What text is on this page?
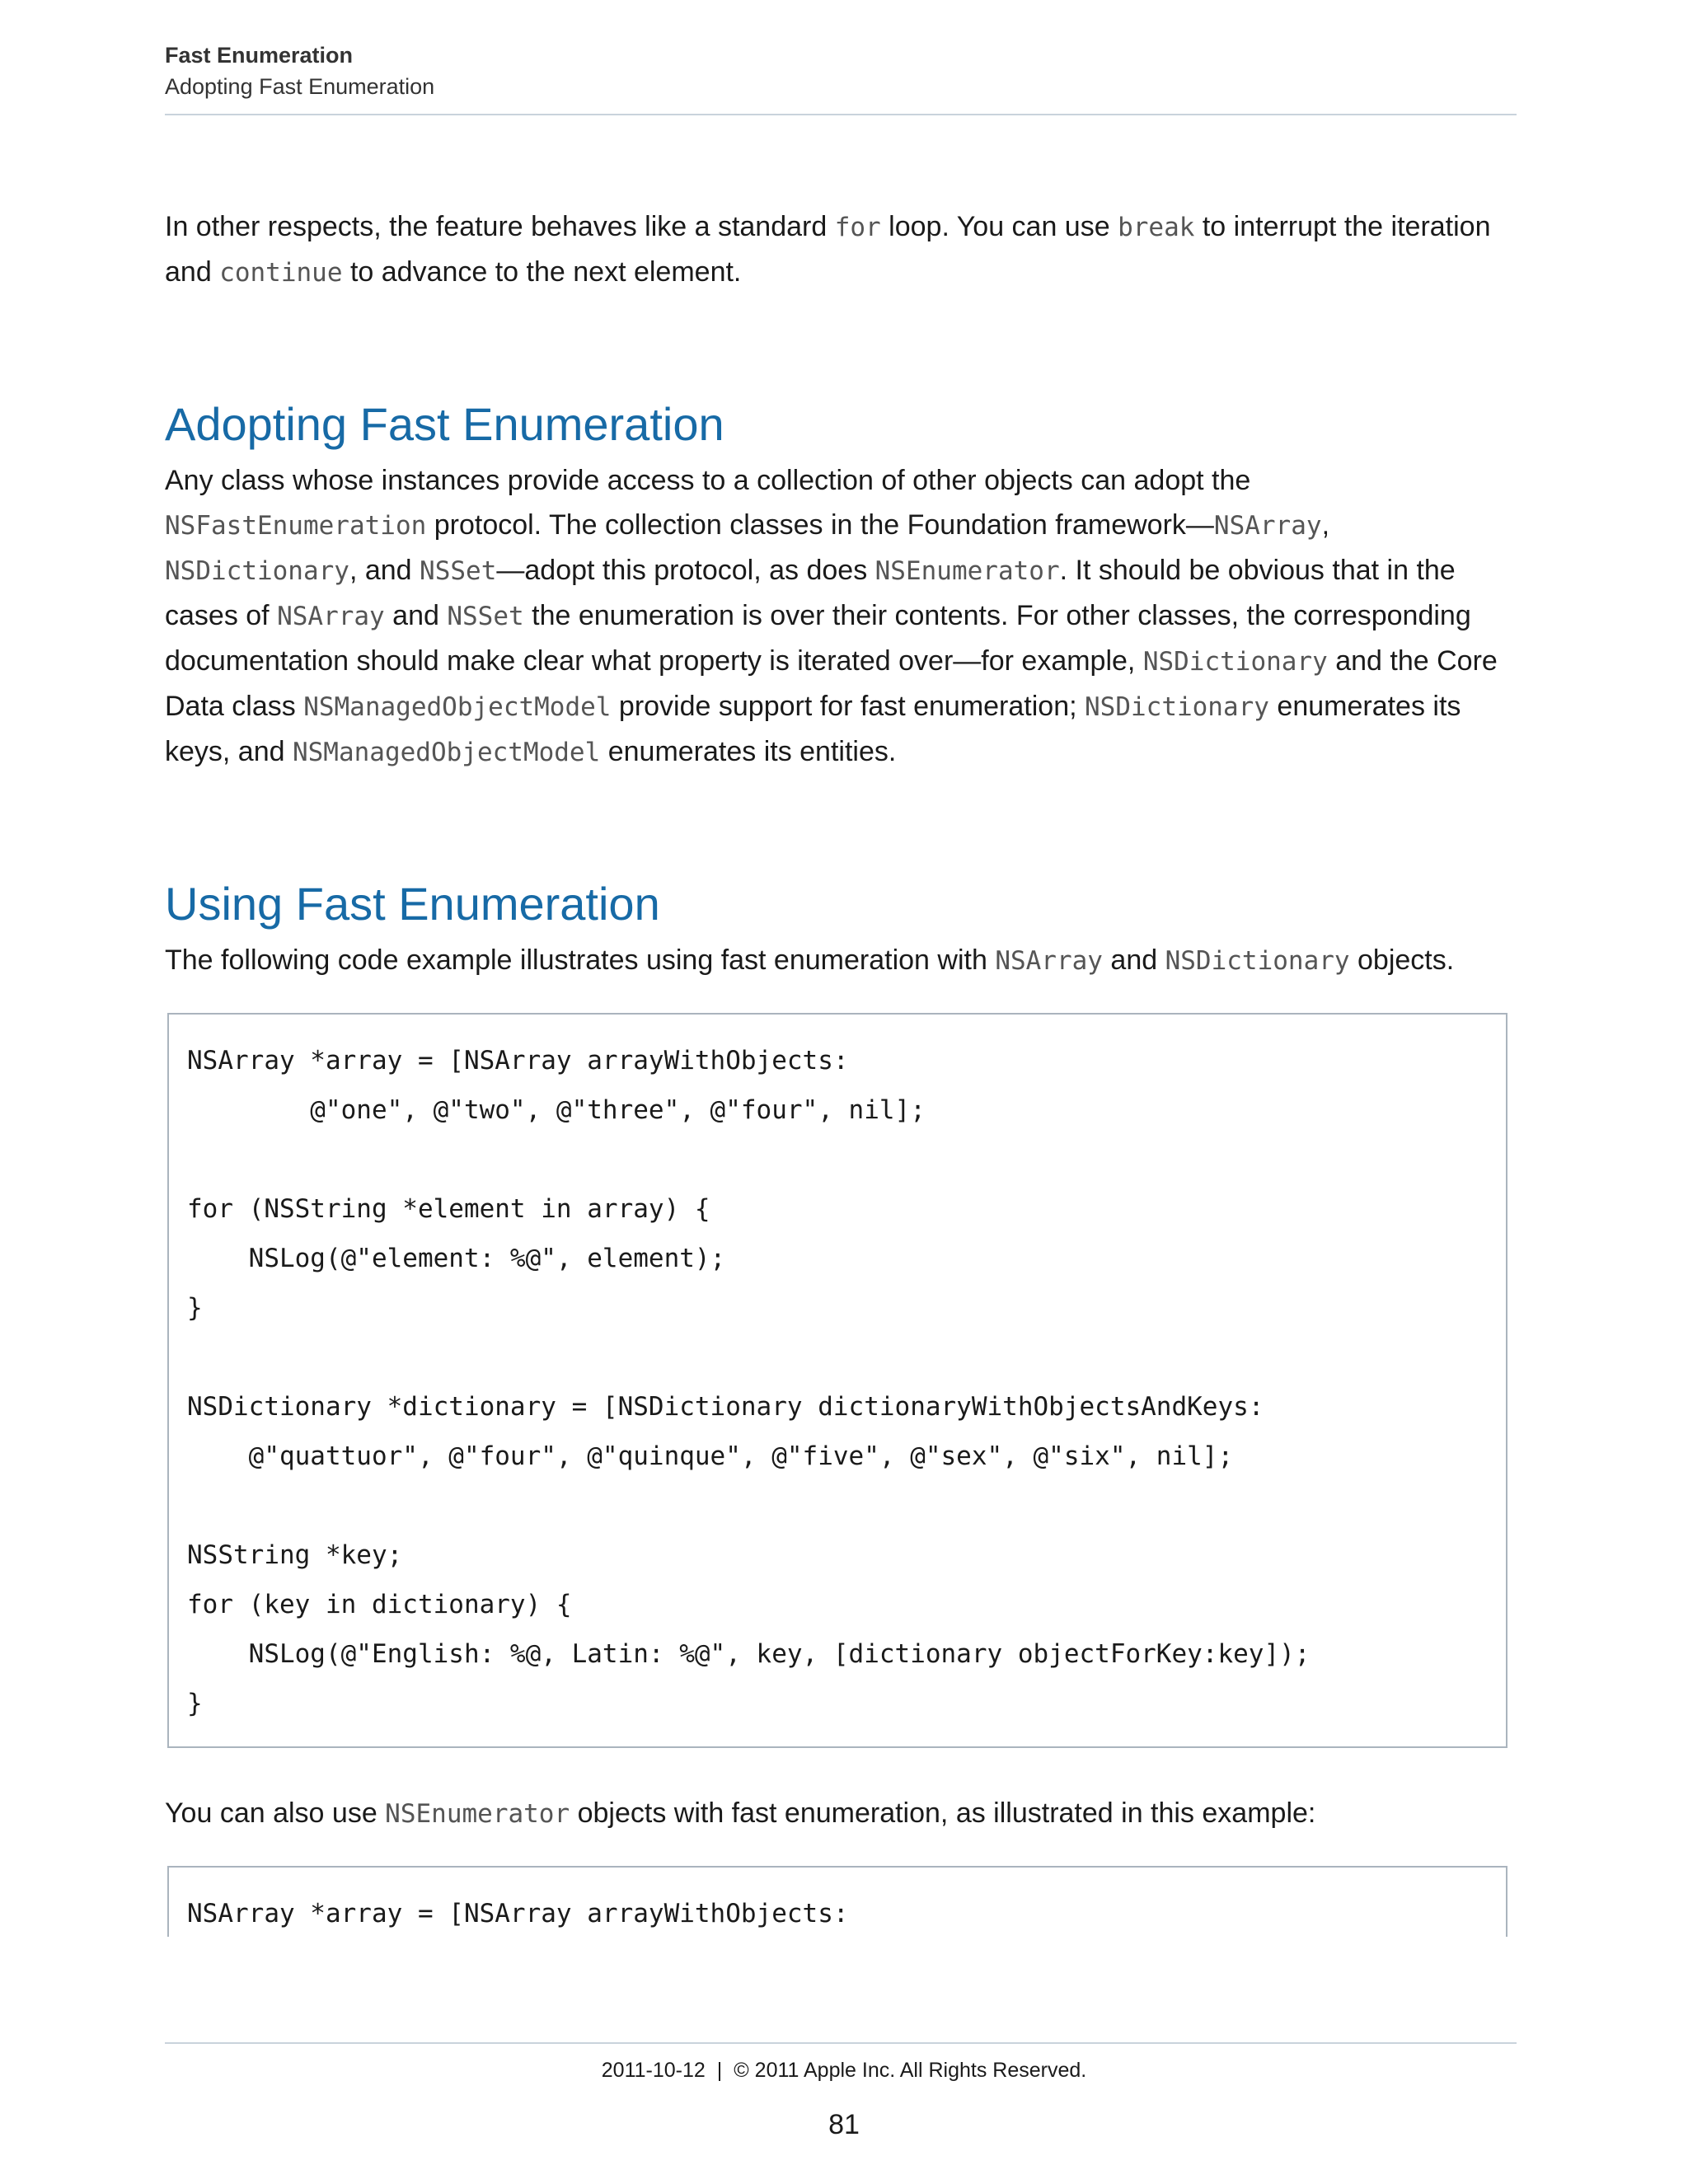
Fast Enumeration
Adopting Fast Enumeration

In other respects, the feature behaves like a standard for loop. You can use break to interrupt the iteration and continue to advance to the next element.

Adopting Fast Enumeration

Any class whose instances provide access to a collection of other objects can adopt the NSFastEnumeration protocol. The collection classes in the Foundation framework—NSArray, NSDictionary, and NSSet—adopt this protocol, as does NSEnumerator. It should be obvious that in the cases of NSArray and NSSet the enumeration is over their contents. For other classes, the corresponding documentation should make clear what property is iterated over—for example, NSDictionary and the Core Data class NSManagedObjectModel provide support for fast enumeration; NSDictionary enumerates its keys, and NSManagedObjectModel enumerates its entities.

Using Fast Enumeration

The following code example illustrates using fast enumeration with NSArray and NSDictionary objects.

NSArray *array = [NSArray arrayWithObjects:
@"one", @"two", @"three", @"four", nil];
for (NSString *element in array) {
NSLog(@"element: %@", element);
}
NSDictionary *dictionary = [NSDictionary dictionaryWithObjectsAndKeys:
@"quattuor", @"four", @"quinque", @"five", @"sex", @"six", nil];
NSString *key;
for (key in dictionary) {
NSLog(@"English: %@, Latin: %@", key, [dictionary objectForKey:key]);
}

You can also use NSEnumerator objects with fast enumeration, as illustrated in this example:

NSArray *array = [NSArray arrayWithObjects:
2011-10-12 | © 2011 Apple Inc. All Rights Reserved.
81
